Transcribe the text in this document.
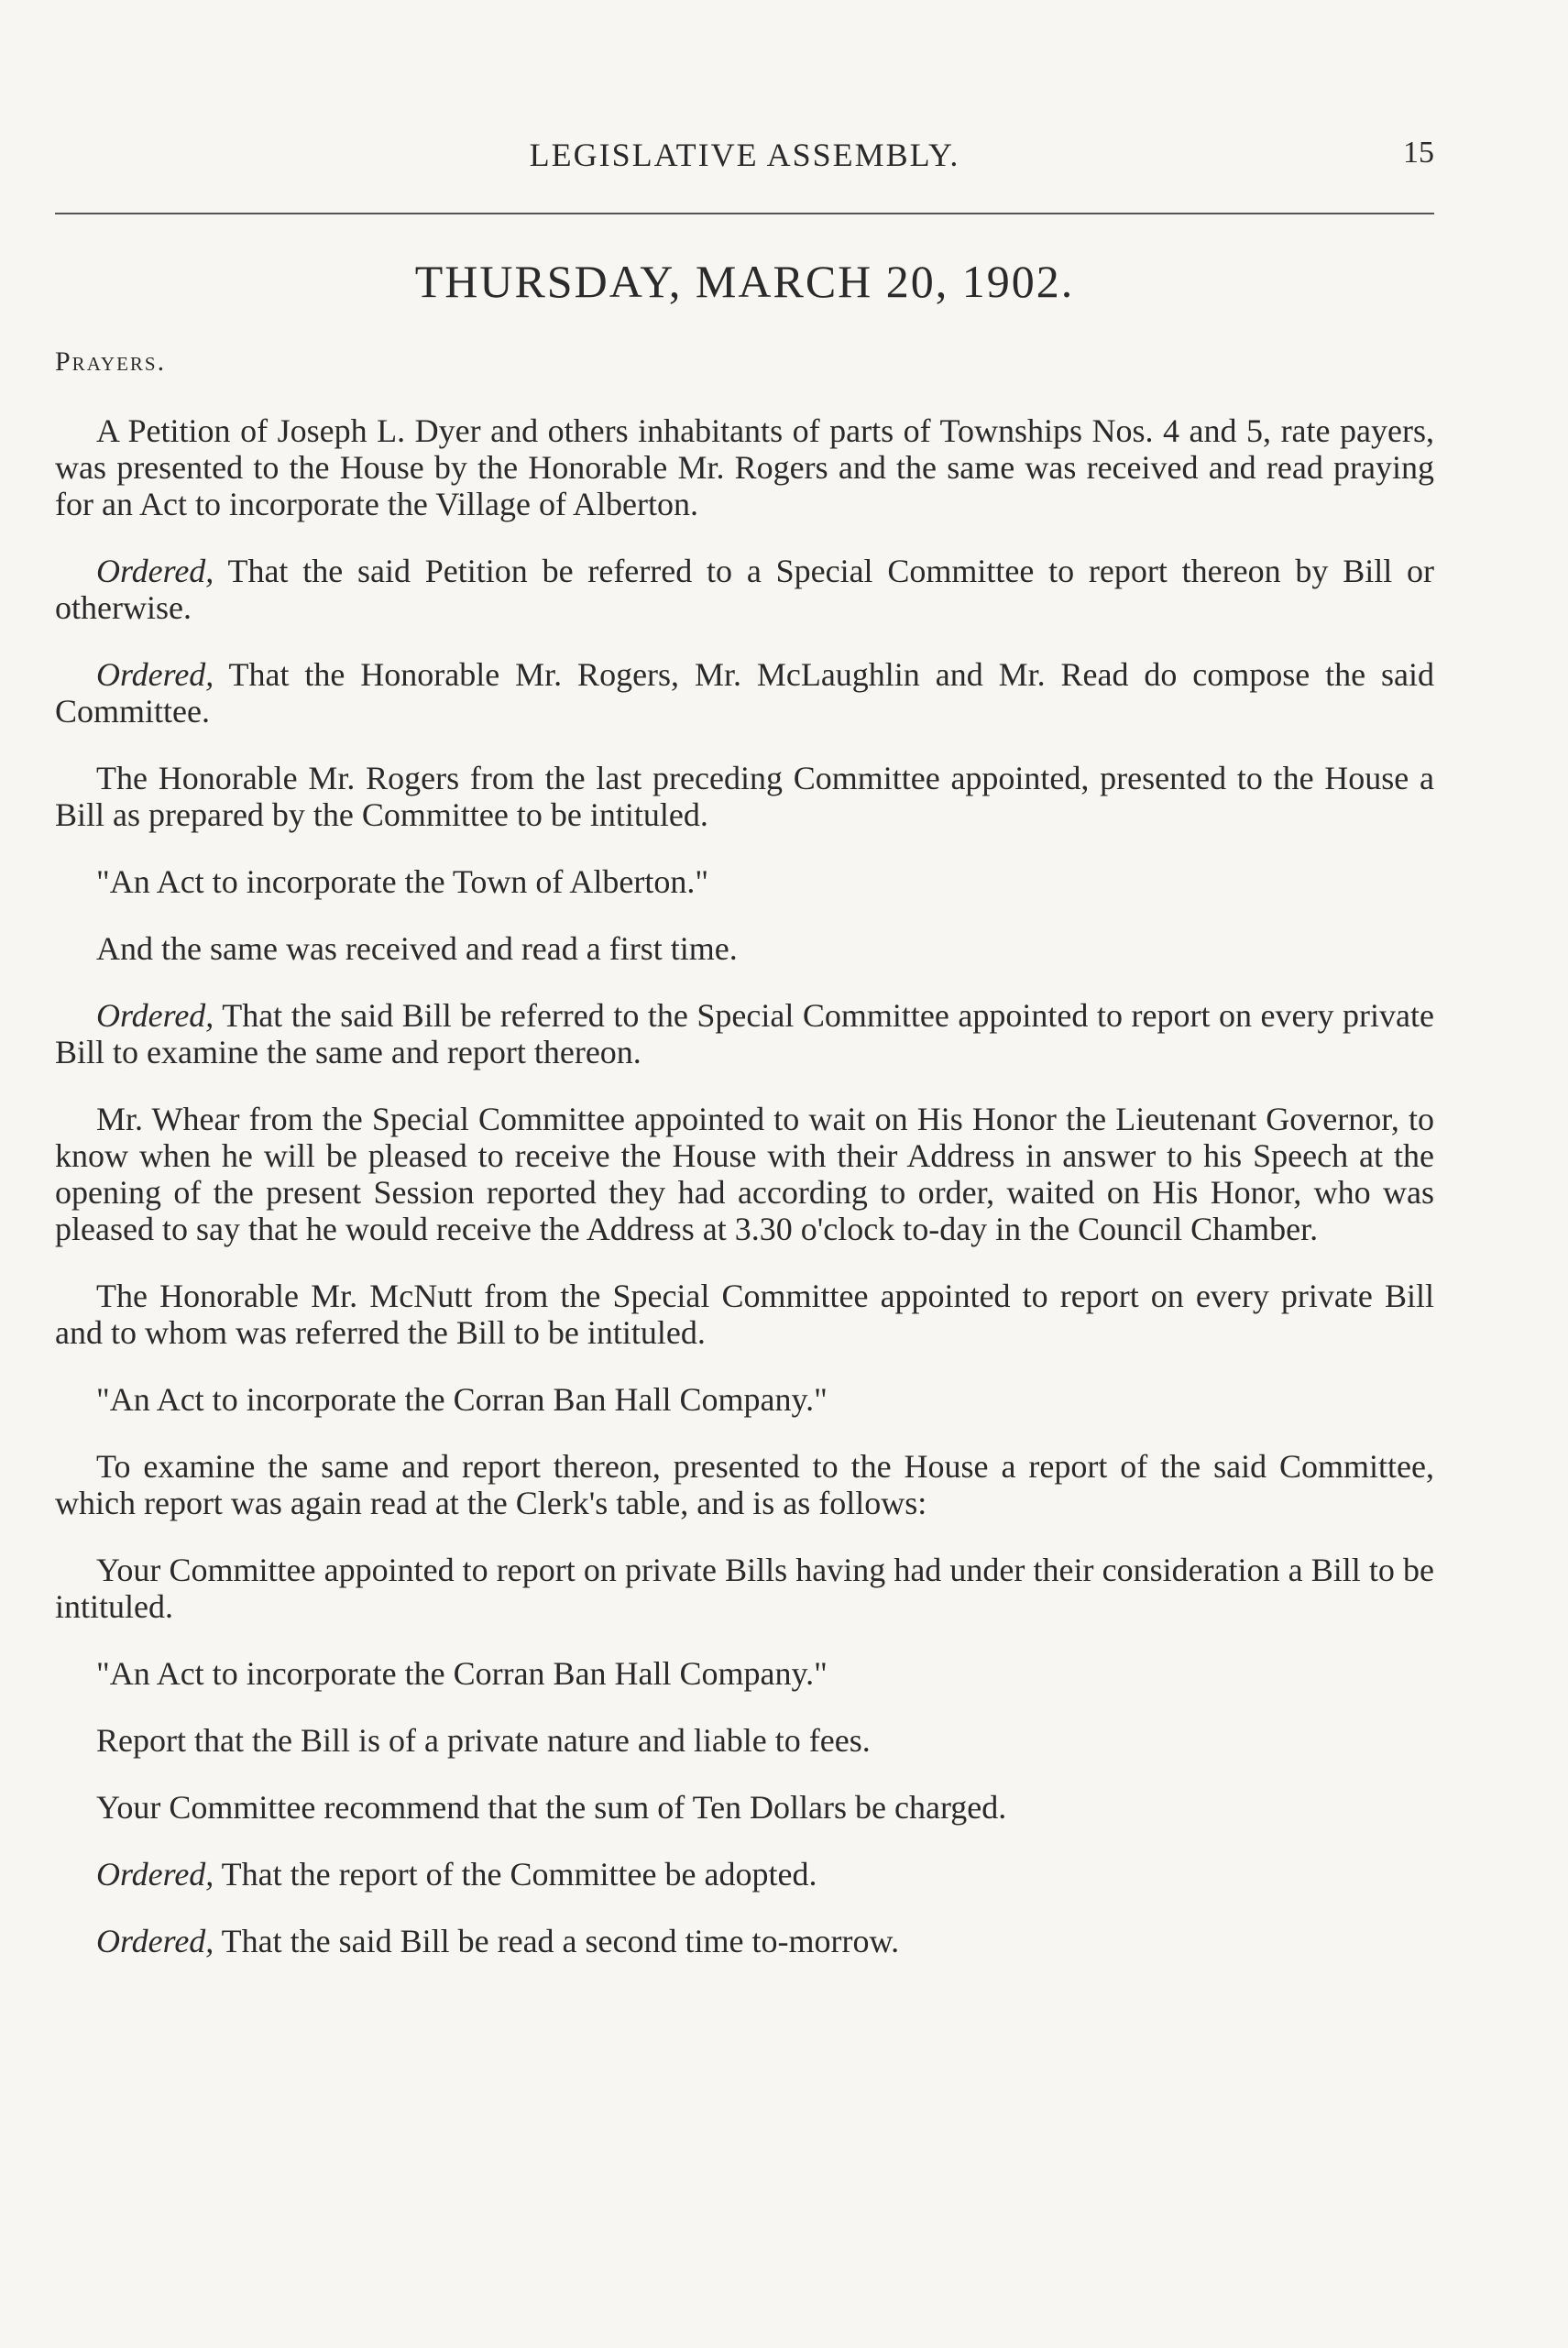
LEGISLATIVE ASSEMBLY.	15
THURSDAY, MARCH 20, 1902.
Prayers.

A Petition of Joseph L. Dyer and others inhabitants of parts of Townships Nos. 4 and 5, rate payers, was presented to the House by the Honorable Mr. Rogers and the same was received and read praying for an Act to incorporate the Village of Alberton.

Ordered, That the said Petition be referred to a Special Committee to report thereon by Bill or otherwise.

Ordered, That the Honorable Mr. Rogers, Mr. McLaughlin and Mr. Read do compose the said Committee.

The Honorable Mr. Rogers from the last preceding Committee appointed, presented to the House a Bill as prepared by the Committee to be intituled.

"An Act to incorporate the Town of Alberton."

And the same was received and read a first time.

Ordered, That the said Bill be referred to the Special Committee appointed to report on every private Bill to examine the same and report thereon.

Mr. Whear from the Special Committee appointed to wait on His Honor the Lieutenant Governor, to know when he will be pleased to receive the House with their Address in answer to his Speech at the opening of the present Session reported they had according to order, waited on His Honor, who was pleased to say that he would receive the Address at 3.30 o'clock to-day in the Council Chamber.

The Honorable Mr. McNutt from the Special Committee appointed to report on every private Bill and to whom was referred the Bill to be intituled.

"An Act to incorporate the Corran Ban Hall Company."

To examine the same and report thereon, presented to the House a report of the said Committee, which report was again read at the Clerk's table, and is as follows:

Your Committee appointed to report on private Bills having had under their consideration a Bill to be intituled.

"An Act to incorporate the Corran Ban Hall Company."

Report that the Bill is of a private nature and liable to fees.

Your Committee recommend that the sum of Ten Dollars be charged.

Ordered, That the report of the Committee be adopted.

Ordered, That the said Bill be read a second time to-morrow.
